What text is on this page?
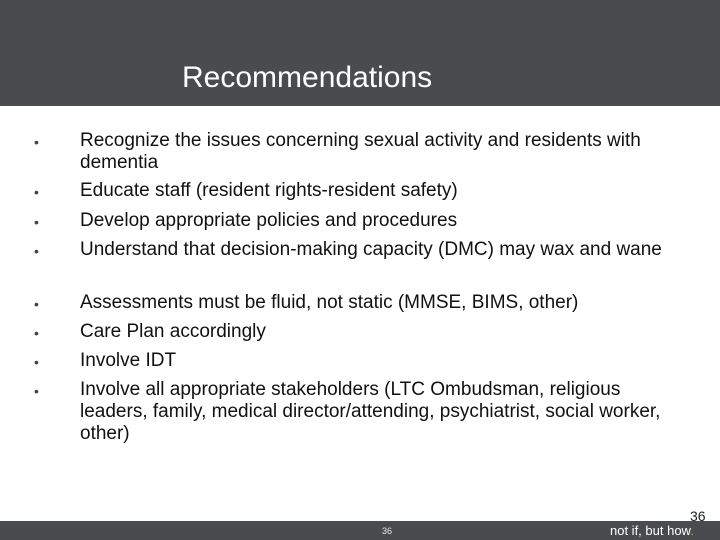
Recommendations
• Recognize the issues concerning sexual activity and residents with dementia
• Educate staff (resident rights-resident safety)
• Develop appropriate policies and procedures
• Understand that decision-making capacity (DMC) may wax and wane
• Assessments must be fluid, not static (MMSE, BIMS, other)
• Care Plan accordingly
• Involve IDT
• Involve all appropriate stakeholders (LTC Ombudsman, religious leaders, family, medical director/attending, psychiatrist, social worker, other)
36	not if, but how.
36
